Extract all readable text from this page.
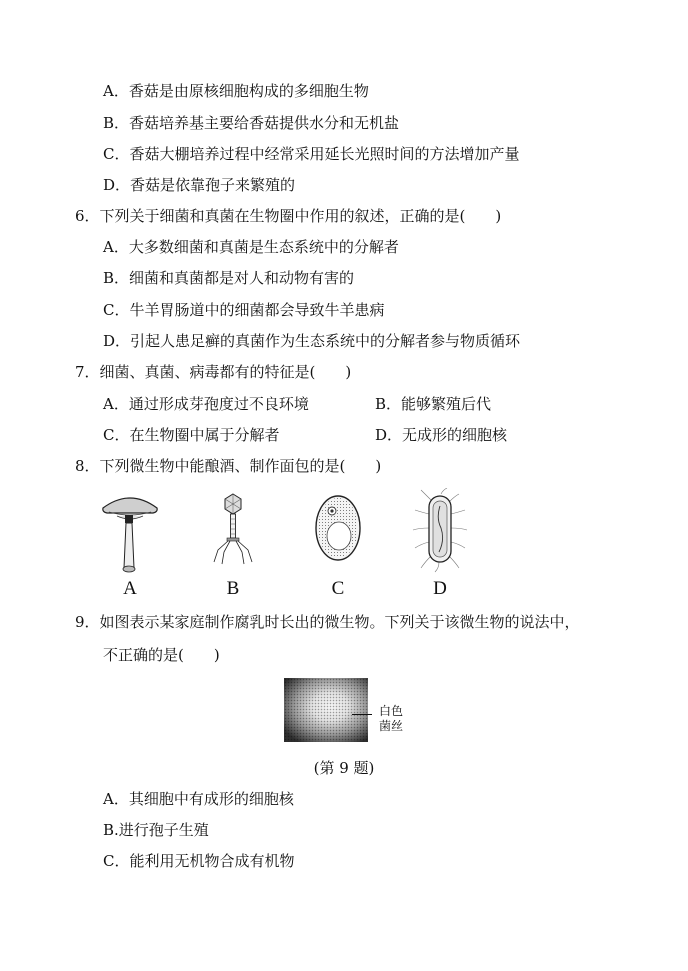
A．香菇是由原核细胞构成的多细胞生物
B．香菇培养基主要给香菇提供水分和无机盐
C．香菇大棚培养过程中经常采用延长光照时间的方法增加产量
D．香菇是依靠孢子来繁殖的
6．下列关于细菌和真菌在生物圈中作用的叙述，正确的是(　　)
A．大多数细菌和真菌是生态系统中的分解者
B．细菌和真菌都是对人和动物有害的
C．牛羊胃肠道中的细菌都会导致牛羊患病
D．引起人患足癣的真菌作为生态系统中的分解者参与物质循环
7．细菌、真菌、病毒都有的特征是(　　)
A．通过形成芽孢度过不良环境	B．能够繁殖后代
C．在生物圈中属于分解者	D．无成形的细胞核
8．下列微生物中能酿酒、制作面包的是(　　)
A	B	C	D
9．如图表示某家庭制作腐乳时长出的微生物。下列关于该微生物的说法中，
不正确的是(　　)
白色
菌丝
(第 9 题)
A．其细胞中有成形的细胞核
B.进行孢子生殖
C．能利用无机物合成有机物
